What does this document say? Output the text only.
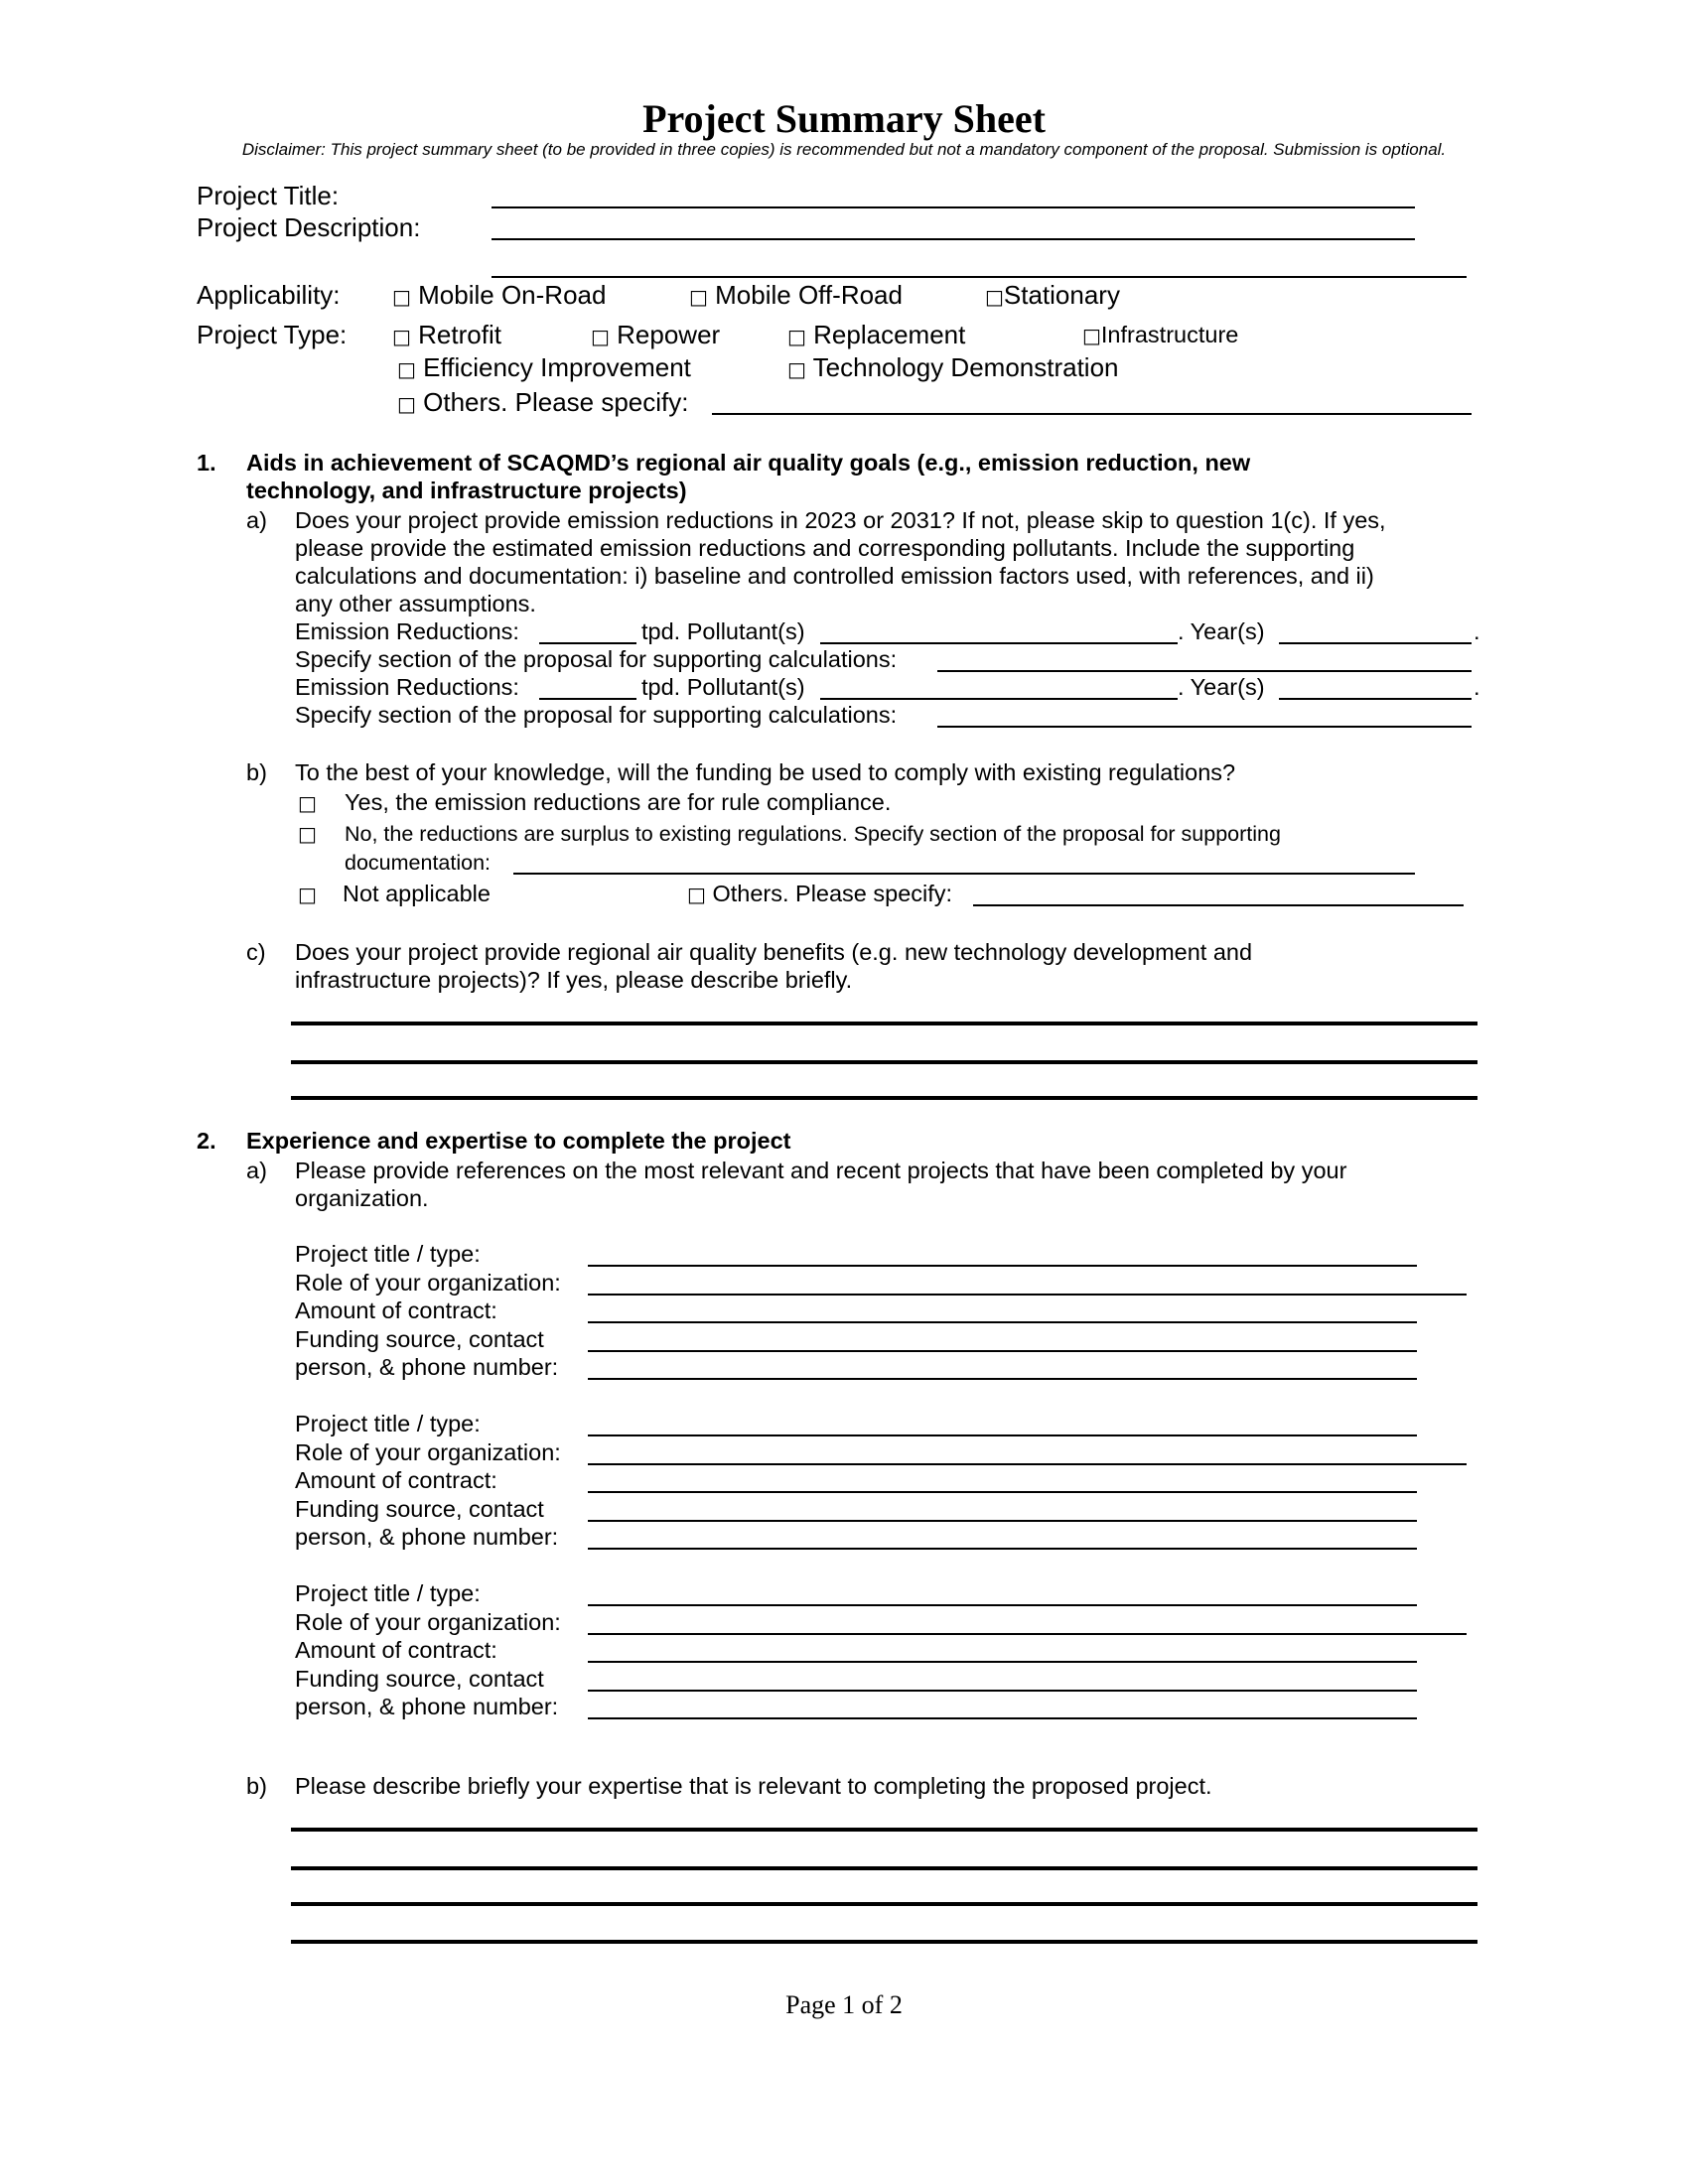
Project Summary Sheet
Disclaimer: This project summary sheet (to be provided in three copies) is recommended but not a mandatory component of the proposal. Submission is optional.
Project Title:
Project Description:
Applicability:	□ Mobile On-Road	□ Mobile Off-Road	□Stationary
Project Type: □ Retrofit	□ Repower	□ Replacement	□Infrastructure
□ Efficiency Improvement	□ Technology Demonstration
□ Others. Please specify:
1. Aids in achievement of SCAQMD’s regional air quality goals (e.g., emission reduction, new
technology, and infrastructure projects)
a) Does your project provide emission reductions in 2023 or 2031? If not, please skip to question 1(c). If yes,
please provide the estimated emission reductions and corresponding pollutants. Include the supporting
calculations and documentation: i) baseline and controlled emission factors used, with references, and ii)
any other assumptions.
Emission Reductions:	tpd. Pollutant(s)	. Year(s)	.
Specify section of the proposal for supporting calculations:
Emission Reductions:	tpd. Pollutant(s)	. Year(s)	.
Specify section of the proposal for supporting calculations:
b) To the best of your knowledge, will the funding be used to comply with existing regulations?
□ Yes, the emission reductions are for rule compliance.
□ No, the reductions are surplus to existing regulations. Specify section of the proposal for supporting
documentation:
□ Not applicable	□ Others. Please specify:
c) Does your project provide regional air quality benefits (e.g. new technology development and
infrastructure projects)? If yes, please describe briefly.
2. Experience and expertise to complete the project
a) Please provide references on the most relevant and recent projects that have been completed by your
organization.
Project title / type:
Role of your organization:
Amount of contract:
Funding source, contact
person, & phone number:
Project title / type:
Role of your organization:
Amount of contract:
Funding source, contact
person, & phone number:
Project title / type:
Role of your organization:
Amount of contract:
Funding source, contact
person, & phone number:
b) Please describe briefly your expertise that is relevant to completing the proposed project.
Page 1 of 2
